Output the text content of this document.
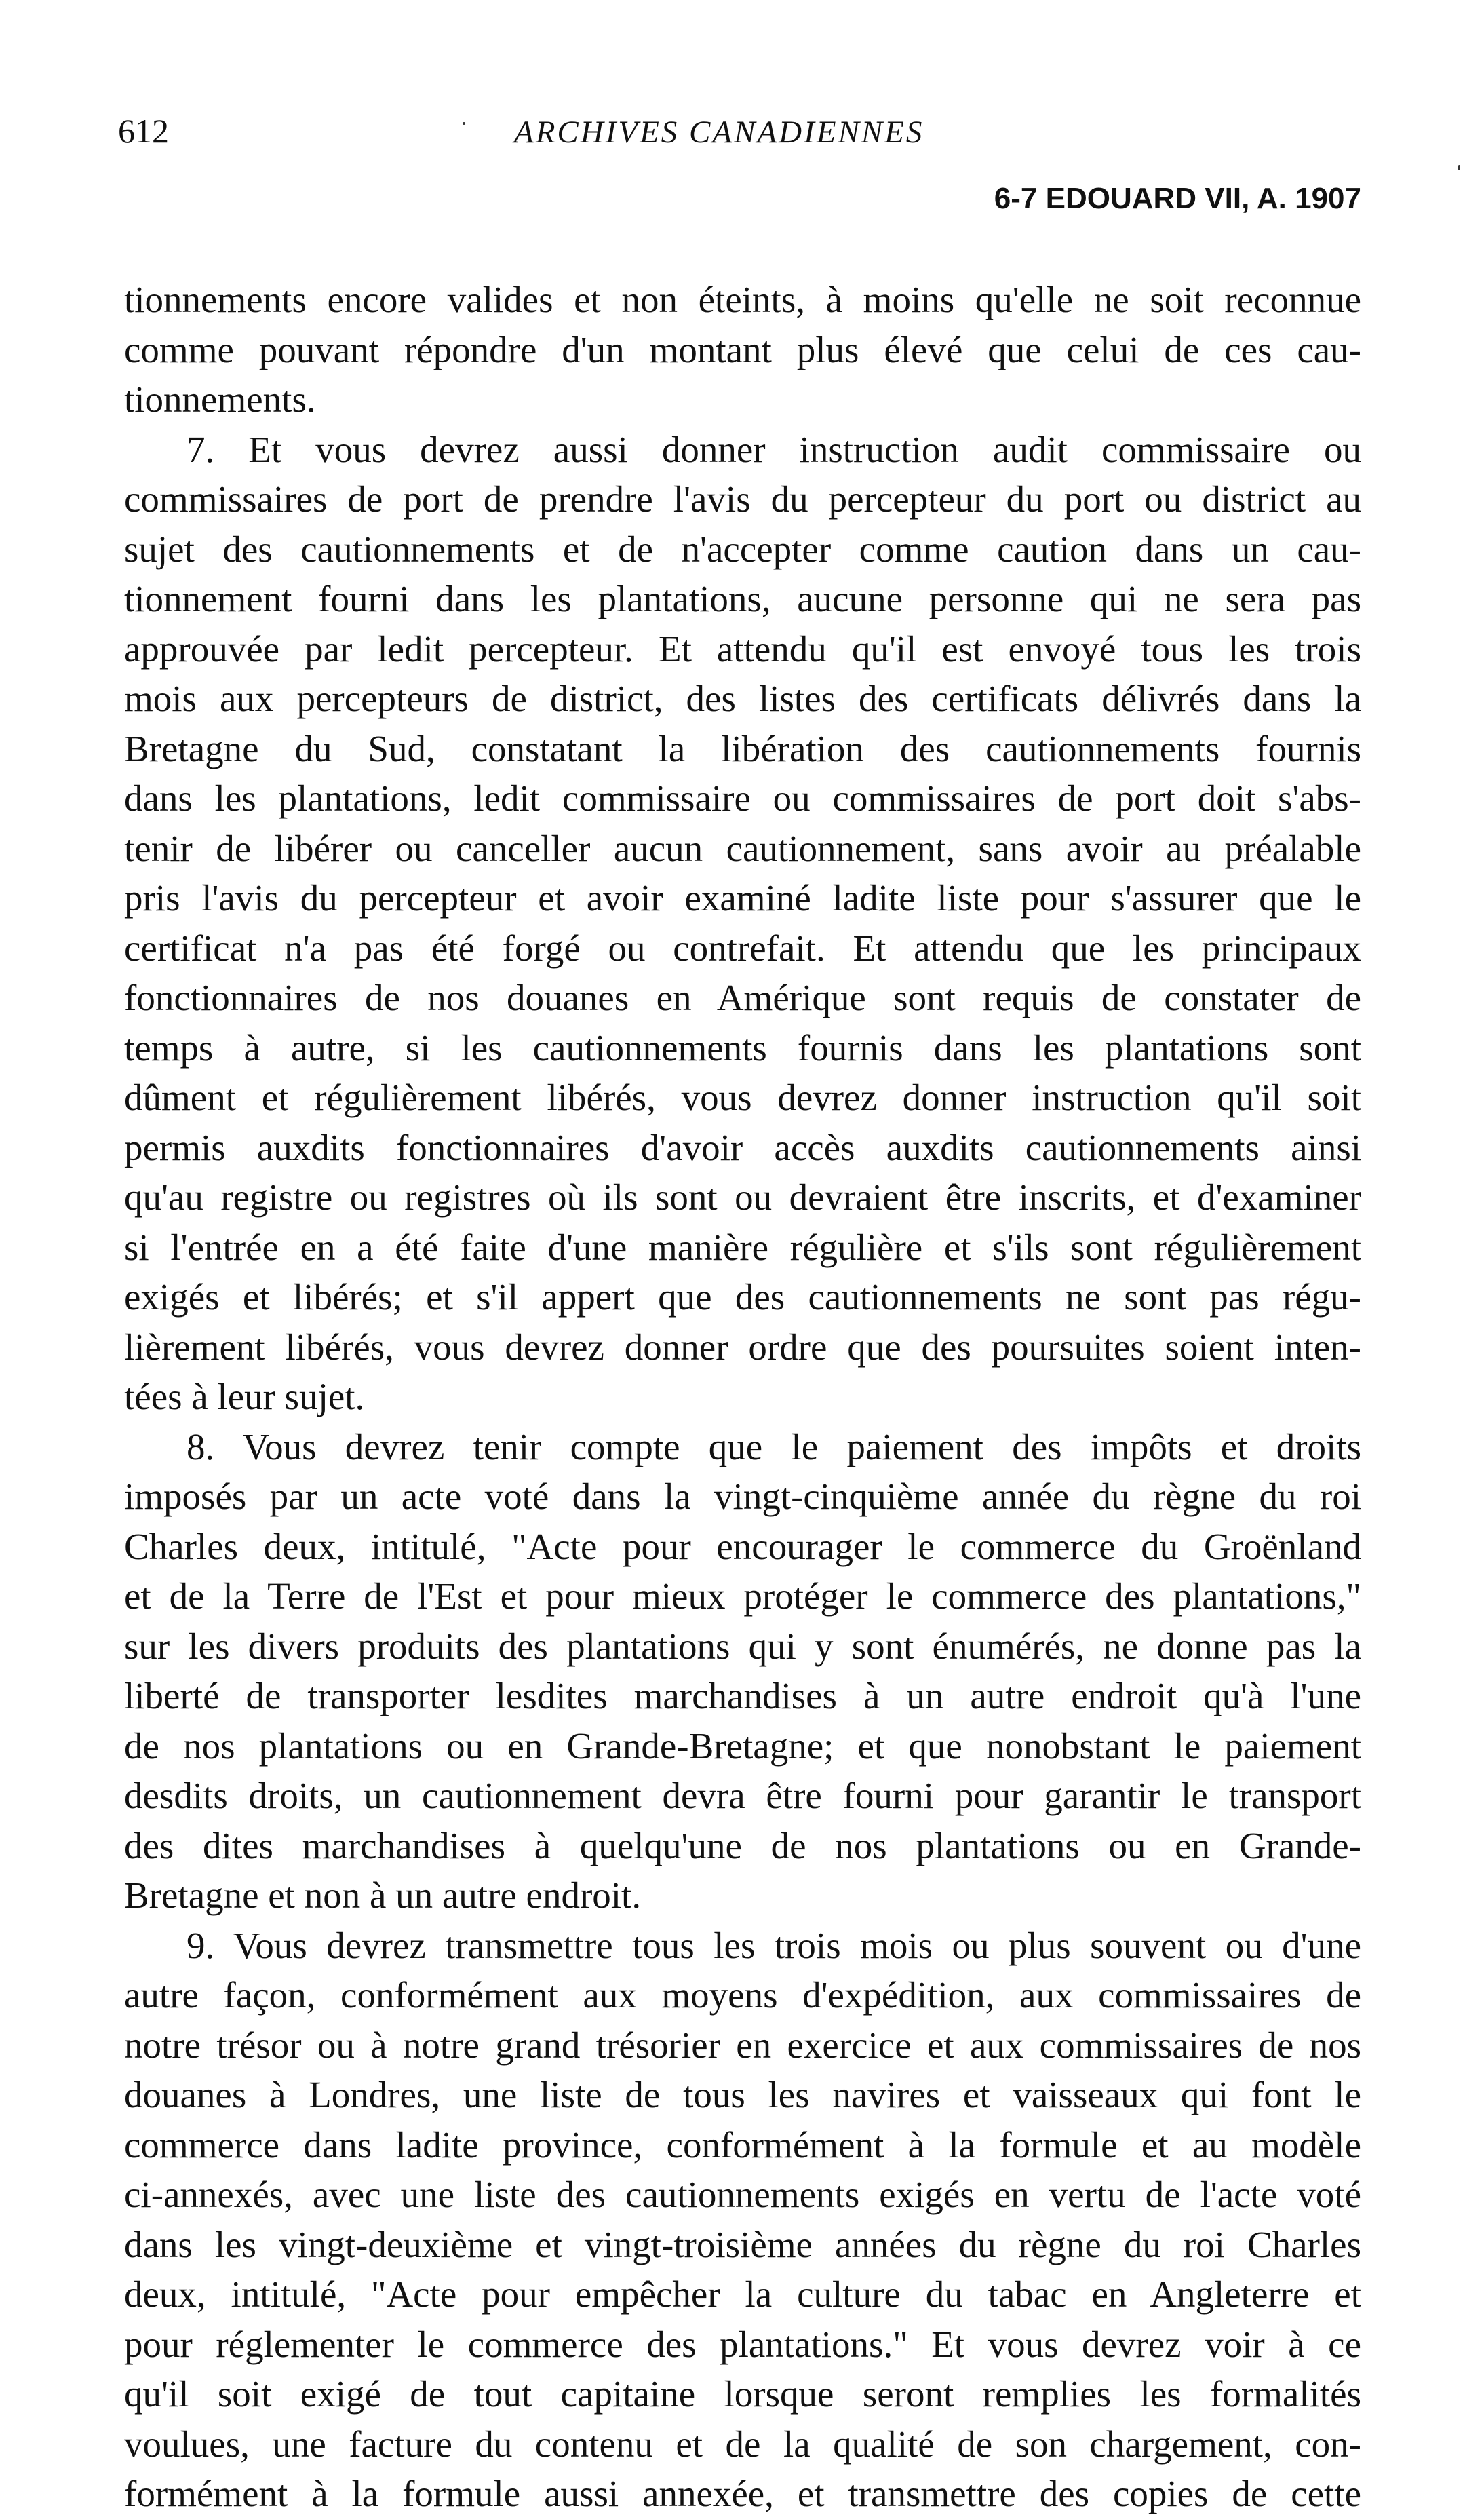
612	ARCHIVES CANADIENNES
6-7 EDOUARD VII, A. 1907
tionnements encore valides et non éteints, à moins qu'elle ne soit reconnue
comme pouvant répondre d'un montant plus élevé que celui de ces cau-
tionnements.
7. Et vous devrez aussi donner instruction audit commissaire ou
commissaires de port de prendre l'avis du percepteur du port ou district au
sujet des cautionnements et de n'accepter comme caution dans un cau-
tionnement fourni dans les plantations, aucune personne qui ne sera pas
approuvée par ledit percepteur. Et attendu qu'il est envoyé tous les trois
mois aux percepteurs de district, des listes des certificats délivrés dans la
Bretagne du Sud, constatant la libération des cautionnements fournis
dans les plantations, ledit commissaire ou commissaires de port doit s'abs-
tenir de libérer ou canceller aucun cautionnement, sans avoir au préalable
pris l'avis du percepteur et avoir examiné ladite liste pour s'assurer que le
certificat n'a pas été forgé ou contrefait. Et attendu que les principaux
fonctionnaires de nos douanes en Amérique sont requis de constater de
temps à autre, si les cautionnements fournis dans les plantations sont
dûment et régulièrement libérés, vous devrez donner instruction qu'il soit
permis auxdits fonctionnaires d'avoir accès auxdits cautionnements ainsi
qu'au registre ou registres où ils sont ou devraient être inscrits, et d'examiner
si l'entrée en a été faite d'une manière régulière et s'ils sont régulièrement
exigés et libérés; et s'il appert que des cautionnements ne sont pas régu-
lièrement libérés, vous devrez donner ordre que des poursuites soient inten-
tées à leur sujet.
8. Vous devrez tenir compte que le paiement des impôts et droits
imposés par un acte voté dans la vingt-cinquième année du règne du roi
Charles deux, intitulé, "Acte pour encourager le commerce du Groënland
et de la Terre de l'Est et pour mieux protéger le commerce des plantations,"
sur les divers produits des plantations qui y sont énumérés, ne donne pas la
liberté de transporter lesdites marchandises à un autre endroit qu'à l'une
de nos plantations ou en Grande-Bretagne; et que nonobstant le paiement
desdits droits, un cautionnement devra être fourni pour garantir le transport
des dites marchandises à quelqu'une de nos plantations ou en Grande-
Bretagne et non à un autre endroit.
9. Vous devrez transmettre tous les trois mois ou plus souvent ou d'une
autre façon, conformément aux moyens d'expédition, aux commissaires de
notre trésor ou à notre grand trésorier en exercice et aux commissaires de nos
douanes à Londres, une liste de tous les navires et vaisseaux qui font le
commerce dans ladite province, conformément à la formule et au modèle
ci-annexés, avec une liste des cautionnements exigés en vertu de l'acte voté
dans les vingt-deuxième et vingt-troisième années du règne du roi Charles
deux, intitulé, "Acte pour empêcher la culture du tabac en Angleterre et
pour réglementer le commerce des plantations." Et vous devrez voir à ce
qu'il soit exigé de tout capitaine lorsque seront remplies les formalités
voulues, une facture du contenu et de la qualité de son chargement, con-
formément à la formule aussi annexée, et transmettre des copies de cette
